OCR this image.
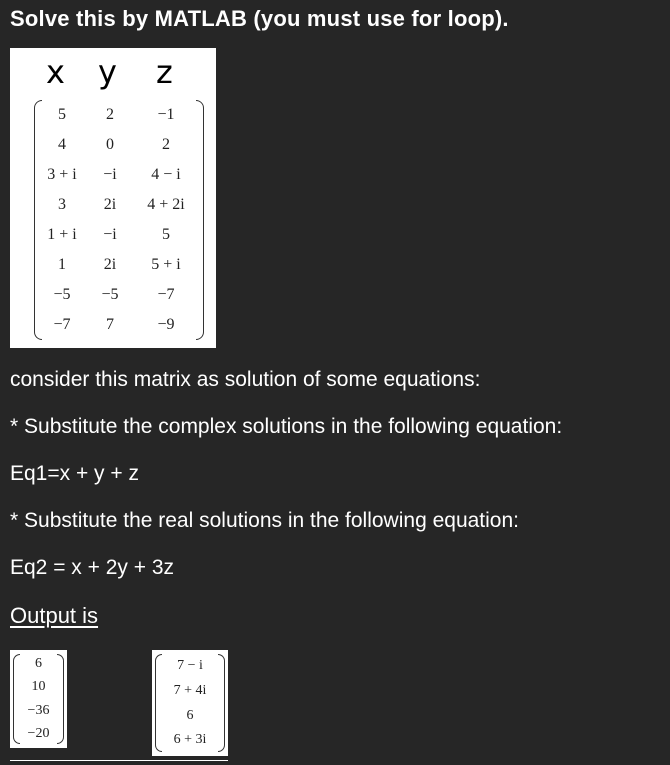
Solve this by MATLAB (you must use for loop).
x y z
5	2	−1
4	0	2
3 + i	−i	4 − i
3	2i	4 + 2i
1 + i	−i	5
1	2i	5 + i
−5	−5	−7
−7	7	−9
consider this matrix as solution of some equations:
* Substitute the complex solutions in the following equation:
Eq1=x + y + z
* Substitute the real solutions in the following equation:
Eq2 = x + 2y + 3z
Output is
6
10
−36
−20
7 − i
7 + 4i
6
6 + 3i
